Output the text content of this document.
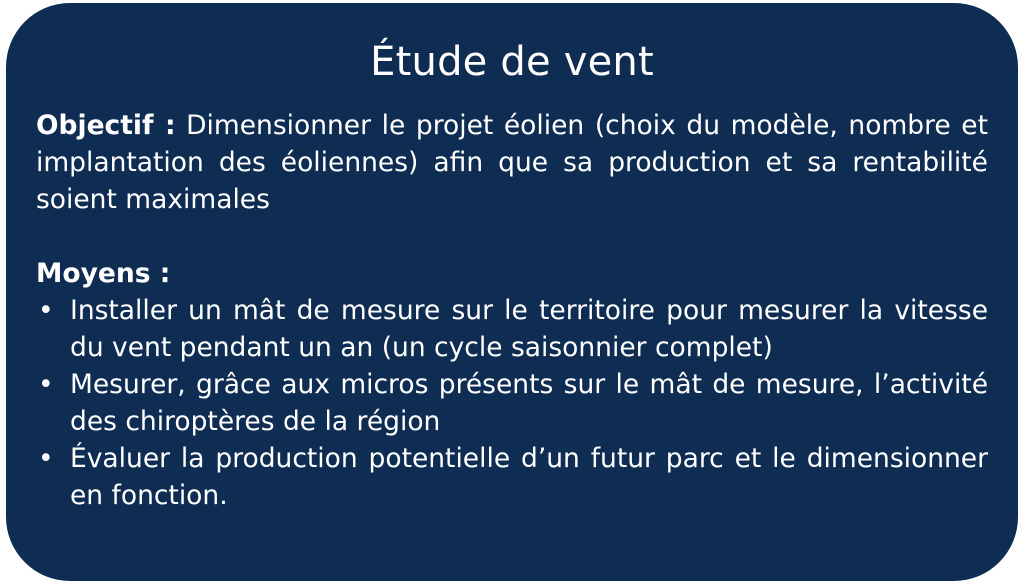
Étude de vent

Objectif : Dimensionner le projet éolien (choix du modèle, nombre et implantation des éoliennes) afin que sa production et sa rentabilité soient maximales

Moyens :

• Installer un mât de mesure sur le territoire pour mesurer la vitesse du vent pendant un an (un cycle saisonnier complet)
• Mesurer, grâce aux micros présents sur le mât de mesure, l’activité des chiroptères de la région
• Évaluer la production potentielle d’un futur parc et le dimensionner en fonction.
